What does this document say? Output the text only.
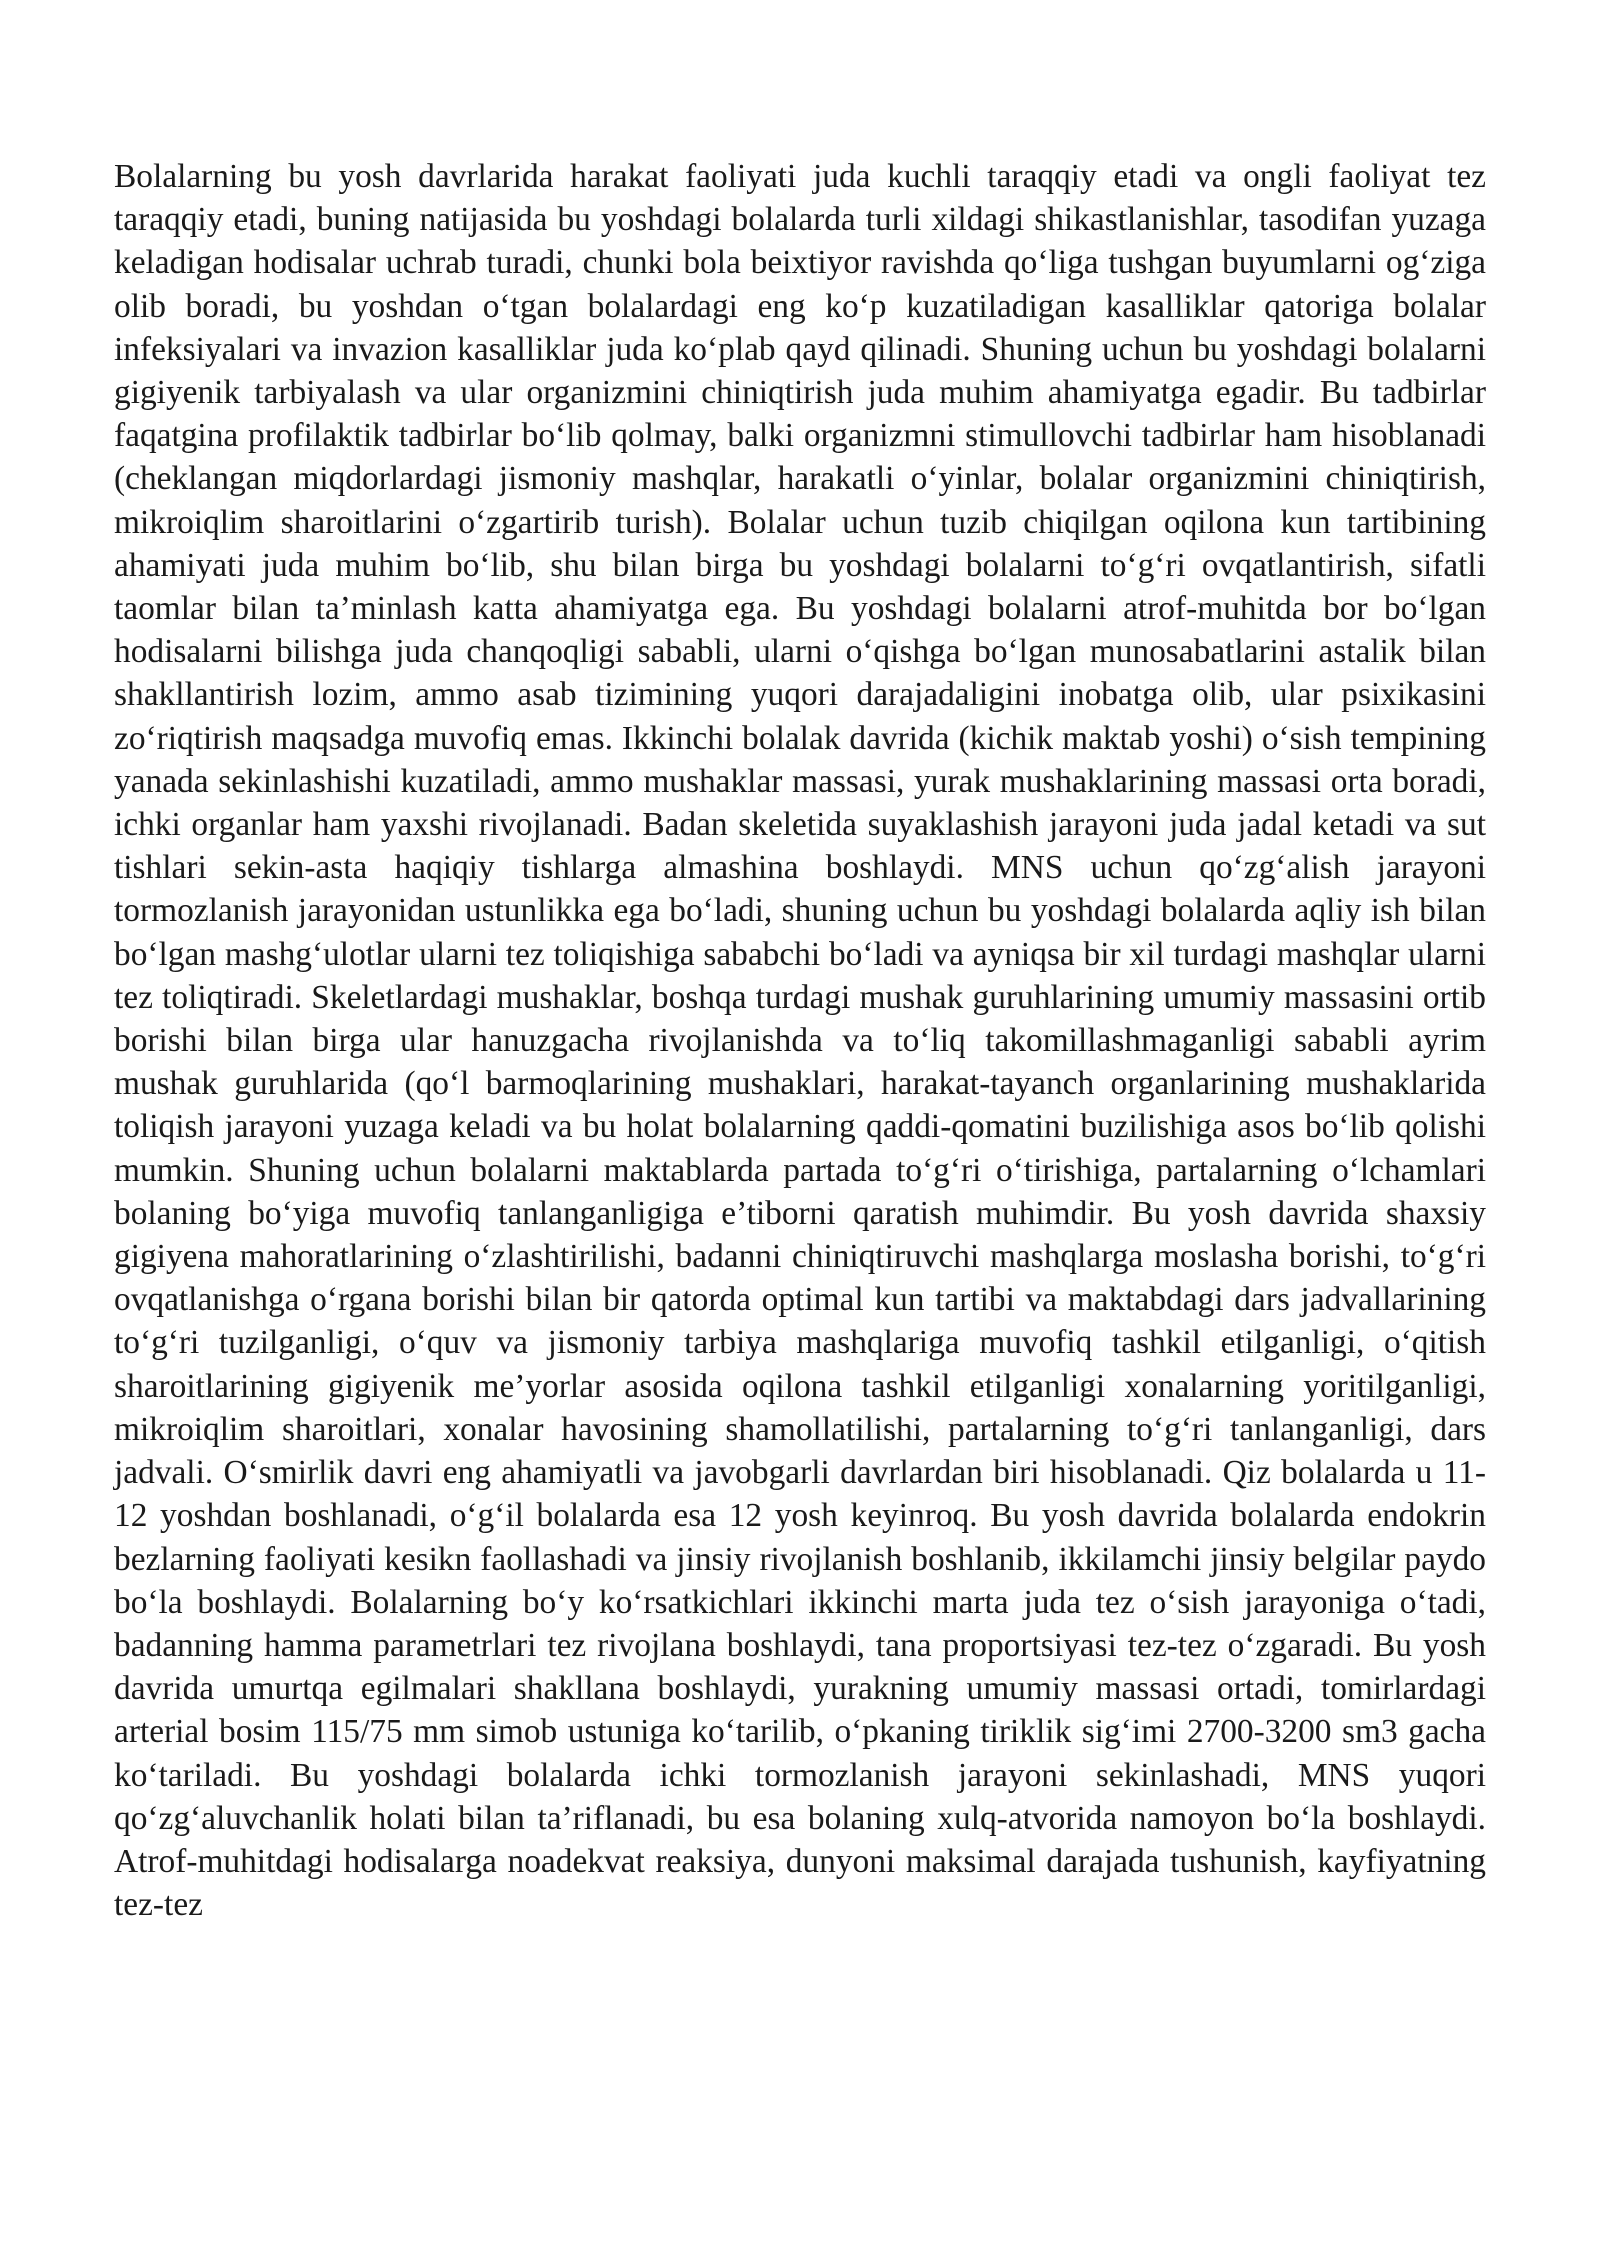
Bolalarning bu yosh davrlarida harakat faoliyati juda kuchli taraqqiy etadi va ongli faoliyat tez taraqqiy etadi, buning natijasida bu yoshdagi bolalarda turli xildagi shikastlanishlar, tasodifan yuzaga keladigan hodisalar uchrab turadi, chunki bola beixtiyor ravishda qo‘liga tushgan buyumlarni og‘ziga olib boradi, bu yoshdan o‘tgan bolalardagi eng ko‘p kuzatiladigan kasalliklar qatoriga bolalar infeksiyalari va invazion kasalliklar juda ko‘plab qayd qilinadi. Shuning uchun bu yoshdagi bolalarni gigiyenik tarbiyalash va ular organizmini chiniqtirish juda muhim ahamiyatga egadir. Bu tadbirlar faqatgina profilaktik tadbirlar bo‘lib qolmay, balki organizmni stimullovchi tadbirlar ham hisoblanadi (cheklangan miqdorlardagi jismoniy mashqlar, harakatli o‘yinlar, bolalar organizmini chiniqtirish, mikroiqlim sharoitlarini o‘zgartirib turish). Bolalar uchun tuzib chiqilgan oqilona kun tartibining ahamiyati juda muhim bo‘lib, shu bilan birga bu yoshdagi bolalarni to‘g‘ri ovqatlantirish, sifatli taomlar bilan ta’minlash katta ahamiyatga ega. Bu yoshdagi bolalarni atrof-muhitda bor bo‘lgan hodisalarni bilishga juda chanqoqligi sababli, ularni o‘qishga bo‘lgan munosabatlarini astalik bilan shakllantirish lozim, ammo asab tizimining yuqori darajadaligini inobatga olib, ular psixikasini zo‘riqtirish maqsadga muvofiq emas. Ikkinchi bolalak davrida (kichik maktab yoshi) o‘sish tempining yanada sekinlashishi kuzatiladi, ammo mushaklar massasi, yurak mushaklarining massasi orta boradi, ichki organlar ham yaxshi rivojlanadi. Badan skeletida suyaklashish jarayoni juda jadal ketadi va sut tishlari sekin-asta haqiqiy tishlarga almashina boshlaydi. MNS uchun qo‘zg‘alish jarayoni tormozlanish jarayonidan ustunlikka ega bo‘ladi, shuning uchun bu yoshdagi bolalarda aqliy ish bilan bo‘lgan mashg‘ulotlar ularni tez toliqishiga sababchi bo‘ladi va ayniqsa bir xil turdagi mashqlar ularni tez toliqtiradi. Skeletlardagi mushaklar, boshqa turdagi mushak guruhlarining umumiy massasini ortib borishi bilan birga ular hanuzgacha rivojlanishda va to‘liq takomillashmaganligi sababli ayrim mushak guruhlarida (qo‘l barmoqlarining mushaklari, harakat-tayanch organlarining mushaklarida toliqish jarayoni yuzaga keladi va bu holat bolalarning qaddi-qomatini buzilishiga asos bo‘lib qolishi mumkin. Shuning uchun bolalarni maktablarda partada to‘g‘ri o‘tirishiga, partalarning o‘lchamlari bolaning bo‘yiga muvofiq tanlanganligiga e’tiborni qaratish muhimdir. Bu yosh davrida shaxsiy gigiyena mahoratlarining o‘zlashtirilishi, badanni chiniqtiruvchi mashqlarga moslasha borishi, to‘g‘ri ovqatlanishga o‘rgana borishi bilan bir qatorda optimal kun tartibi va maktabdagi dars jadvallarining to‘g‘ri tuzilganligi, o‘quv va jismoniy tarbiya mashqlariga muvofiq tashkil etilganligi, o‘qitish sharoitlarining gigiyenik me’yorlar asosida oqilona tashkil etilganligi xonalarning yoritilganligi, mikroiqlim sharoitlari, xonalar havosining shamollatilishi, partalarning to‘g‘ri tanlanganligi, dars jadvali. O‘smirlik davri eng ahamiyatli va javobgarli davrlardan biri hisoblanadi. Qiz bolalarda u 11-12 yoshdan boshlanadi, o‘g‘il bolalarda esa 12 yosh keyinroq. Bu yosh davrida bolalarda endokrin bezlarning faoliyati kesikn faollashadi va jinsiy rivojlanish boshlanib, ikkilamchi jinsiy belgilar paydo bo‘la boshlaydi. Bolalarning bo‘y ko‘rsatkichlari ikkinchi marta juda tez o‘sish jarayoniga o‘tadi, badanning hamma parametrlari tez rivojlana boshlaydi, tana proportsiyasi tez-tez o‘zgaradi. Bu yosh davrida umurtqa egilmalari shakllana boshlaydi, yurakning umumiy massasi ortadi, tomirlardagi arterial bosim 115/75 mm simob ustuniga ko‘tarilib, o‘pkaning tiriklik sig‘imi 2700-3200 sm3 gacha ko‘tariladi. Bu yoshdagi bolalarda ichki tormozlanish jarayoni sekinlashadi, MNS yuqori qo‘zg‘aluvchanlik holati bilan ta’riflanadi, bu esa bolaning xulq-atvorida namoyon bo‘la boshlaydi. Atrof-muhitdagi hodisalarga noadekvat reaksiya, dunyoni maksimal darajada tushunish, kayfiyatning tez-tez
